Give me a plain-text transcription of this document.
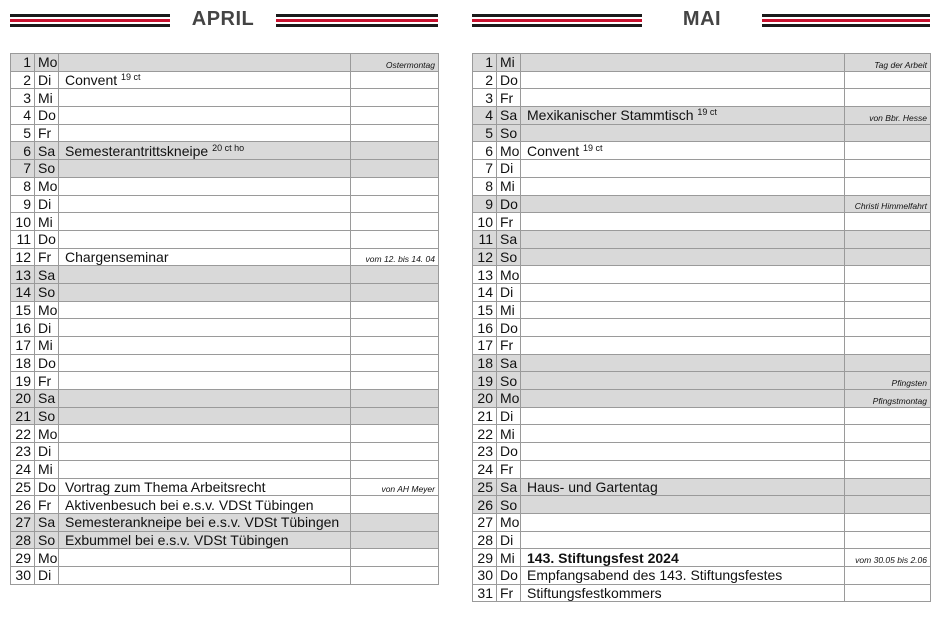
APRIL
1	Mo		Ostermontag
2	Di	Convent $^{19 ct}$	
3	Mi		
4	Do		
5	Fr		
6	Sa	Semesterantrittskneipe $^{20 ct ho}$	
7	So		
8	Mo		
9	Di		
10	Mi		
11	Do		
12	Fr	Chargenseminar	vom 12. bis 14. 04
13	Sa		
14	So		
15	Mo		
16	Di		
17	Mi		
18	Do		
19	Fr		
20	Sa		
21	So		
22	Mo		
23	Di		
24	Mi		
25	Do	Vortrag zum Thema Arbeitsrecht	von AH Meyer
26	Fr	Aktivenbesuch bei e.s.v. VDSt Tübingen	
27	Sa	Semesterankneipe bei e.s.v. VDSt Tübingen	
28	So	Exbummel bei e.s.v. VDSt Tübingen	
29	Mo		
30	Di		
MAI
1	Mi		Tag der Arbeit
2	Do		
3	Fr		
4	Sa	Mexikanischer Stammtisch $^{19 ct}$	von Bbr. Hesse
5	So		
6	Mo	Convent $^{19 ct}$	
7	Di		
8	Mi		
9	Do		Christi Himmelfahrt
10	Fr		
11	Sa		
12	So		
13	Mo		
14	Di		
15	Mi		
16	Do		
17	Fr		
18	Sa		
19	So		Pfingsten
20	Mo		Pfingstmontag
21	Di		
22	Mi		
23	Do		
24	Fr		
25	Sa	Haus- und Gartentag	
26	So		
27	Mo		
28	Di		
29	Mi	143. Stiftungsfest 2024	vom 30.05 bis 2.06
30	Do	Empfangsabend des 143. Stiftungsfestes	
31	Fr	Stiftungsfestkommers	
